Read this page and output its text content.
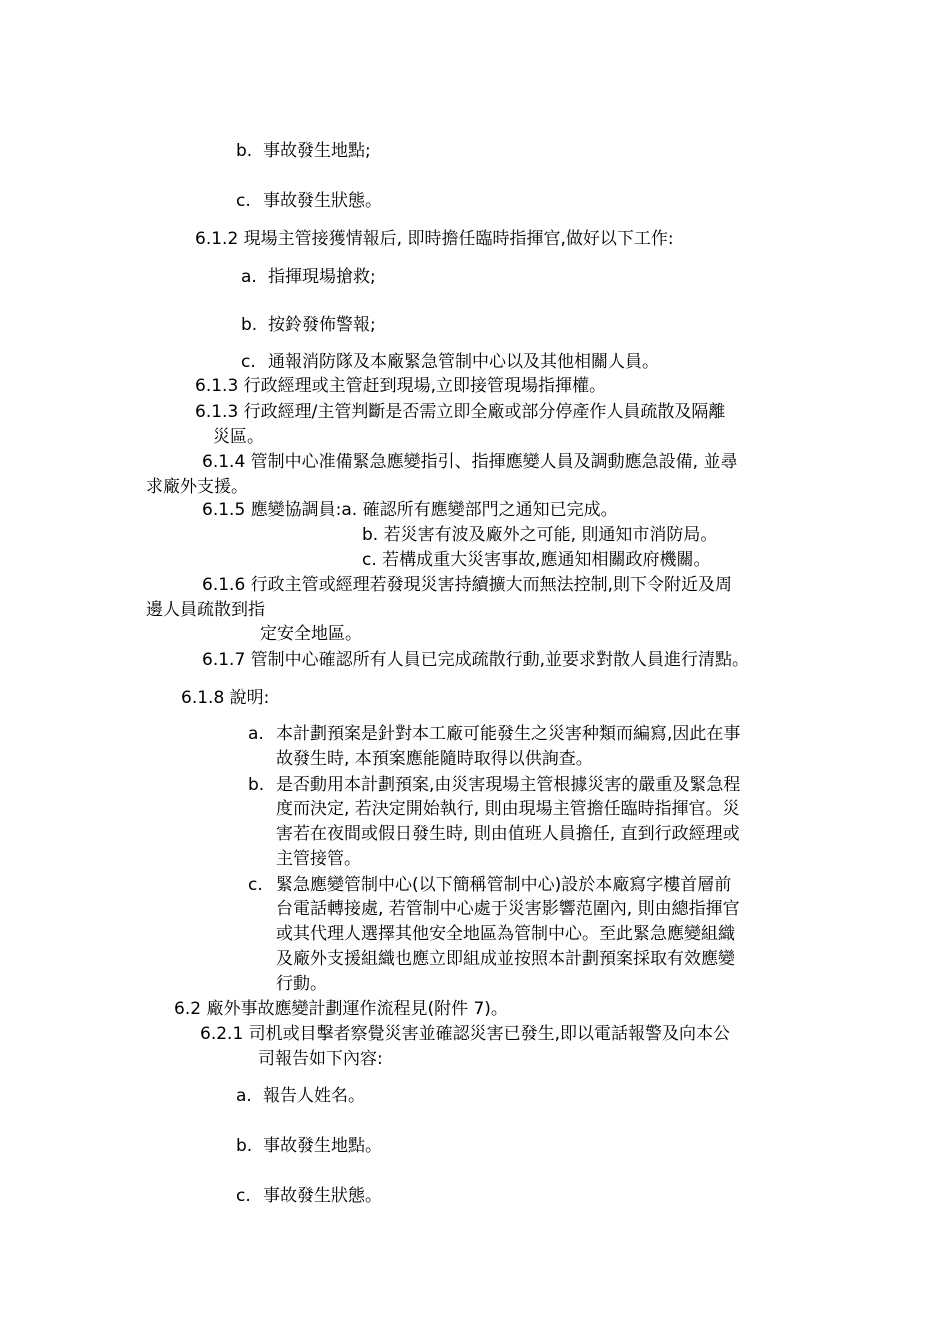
b. 事故發生地點;
c. 事故發生狀態。
6.1.2 現場主管接獲情報后, 即時擔任臨時指揮官,做好以下工作:
a. 指揮現場搶救;
b. 按鈴發佈警報;
c. 通報消防隊及本廠緊急管制中心以及其他相關人員。
6.1.3 行政經理或主管赶到現場,立即接管現場指揮權。
6.1.3 行政經理/主管判斷是否需立即全廠或部分停產作人員疏散及隔離
災區。
6.1.4 管制中心准備緊急應變指引、指揮應變人員及調動應急設備, 並尋
求廠外支援。
6.1.5 應變協調員:a. 確認所有應變部門之通知已完成。
b. 若災害有波及廠外之可能, 則通知市消防局。
c. 若構成重大災害事故,應通知相關政府機關。
6.1.6 行政主管或經理若發現災害持續擴大而無法控制,則下令附近及周
邊人員疏散到指
定安全地區。
6.1.7 管制中心確認所有人員已完成疏散行動,並要求對散人員進行清點。
6.1.8 說明:
a. 本計劃預案是針對本工廠可能發生之災害种類而編寫,因此在事
故發生時, 本預案應能隨時取得以供詢查。
b. 是否動用本計劃預案,由災害現場主管根據災害的嚴重及緊急程
度而決定, 若決定開始執行, 則由現場主管擔任臨時指揮官。災
害若在夜間或假日發生時, 則由值班人員擔任, 直到行政經理或
主管接管。
c. 緊急應變管制中心(以下簡稱管制中心)設於本廠寫字樓首層前
台電話轉接處, 若管制中心處于災害影響范圍內, 則由總指揮官
或其代理人選擇其他安全地區為管制中心。至此緊急應變組織
及廠外支援組織也應立即組成並按照本計劃預案採取有效應變
行動。
6.2 廠外事故應變計劃運作流程見(附件 7)。
6.2.1 司机或目擊者察覺災害並確認災害已發生,即以電話報警及向本公
司報告如下內容:
a. 報告人姓名。
b. 事故發生地點。
c. 事故發生狀態。
